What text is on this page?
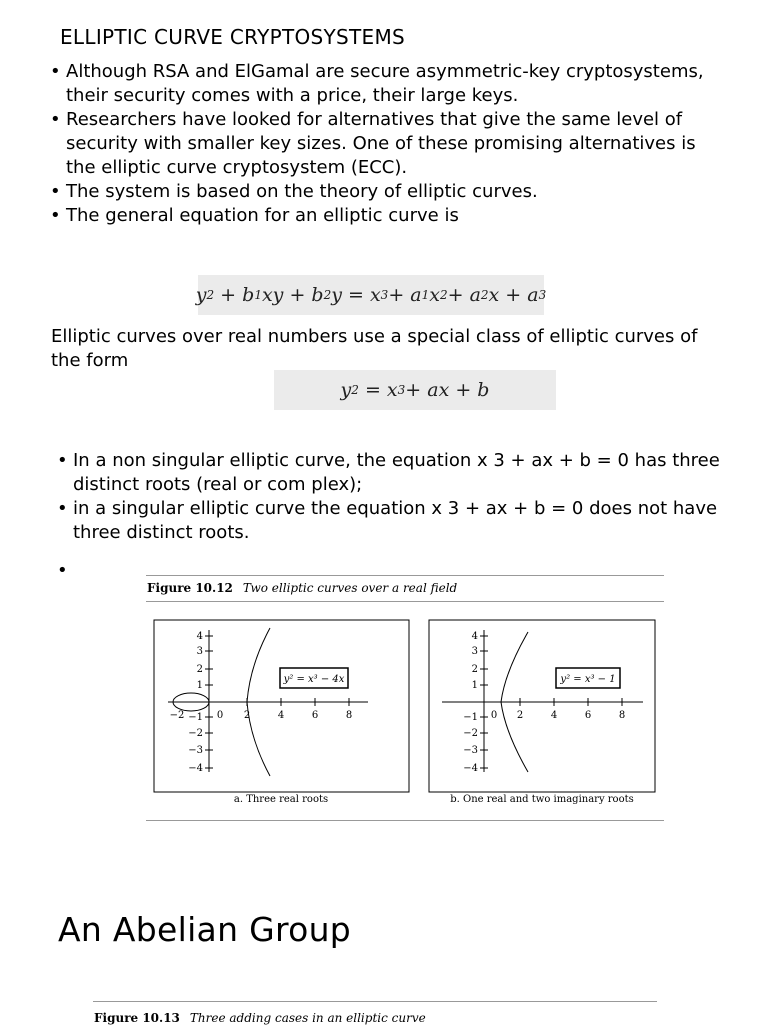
ELLIPTIC CURVE CRYPTOSYSTEMS
• Although RSA and ElGamal are secure asymmetric-key cryptosystems, their security comes with a price, their large keys.
• Researchers have looked for alternatives that give the same level of security with smaller key sizes. One of these promising alternatives is the elliptic curve cryptosystem (ECC).
• The system is based on the theory of elliptic curves.
• The general equation for an elliptic curve is
y 2 + b 1 xy + b 2 y = x 3 + a 1 x 2 + a 2 x + a 3
Elliptic curves over real numbers use a special class of elliptic curves of the form
y 2 = x 3 + ax + b
• In a non singular elliptic curve, the equation x 3 + ax + b = 0 has three distinct roots (real or com plex);
• in a singular elliptic curve the equation x 3 + ax + b = 0 does not have three distinct roots.
•
Figure 10.12 Two elliptic curves over a real field
4
3
2
1
−1
−2
−3
−4
−2	0 2	4	6	8
y² = x³ − 4x
a. Three real roots
4
3
2
1
−1
−2
−3
−4
0 2	4	6	8
y² = x³ − 1
b. One real and two imaginary roots
An Abelian Group
Figure 10.13 Three adding cases in an elliptic curve
